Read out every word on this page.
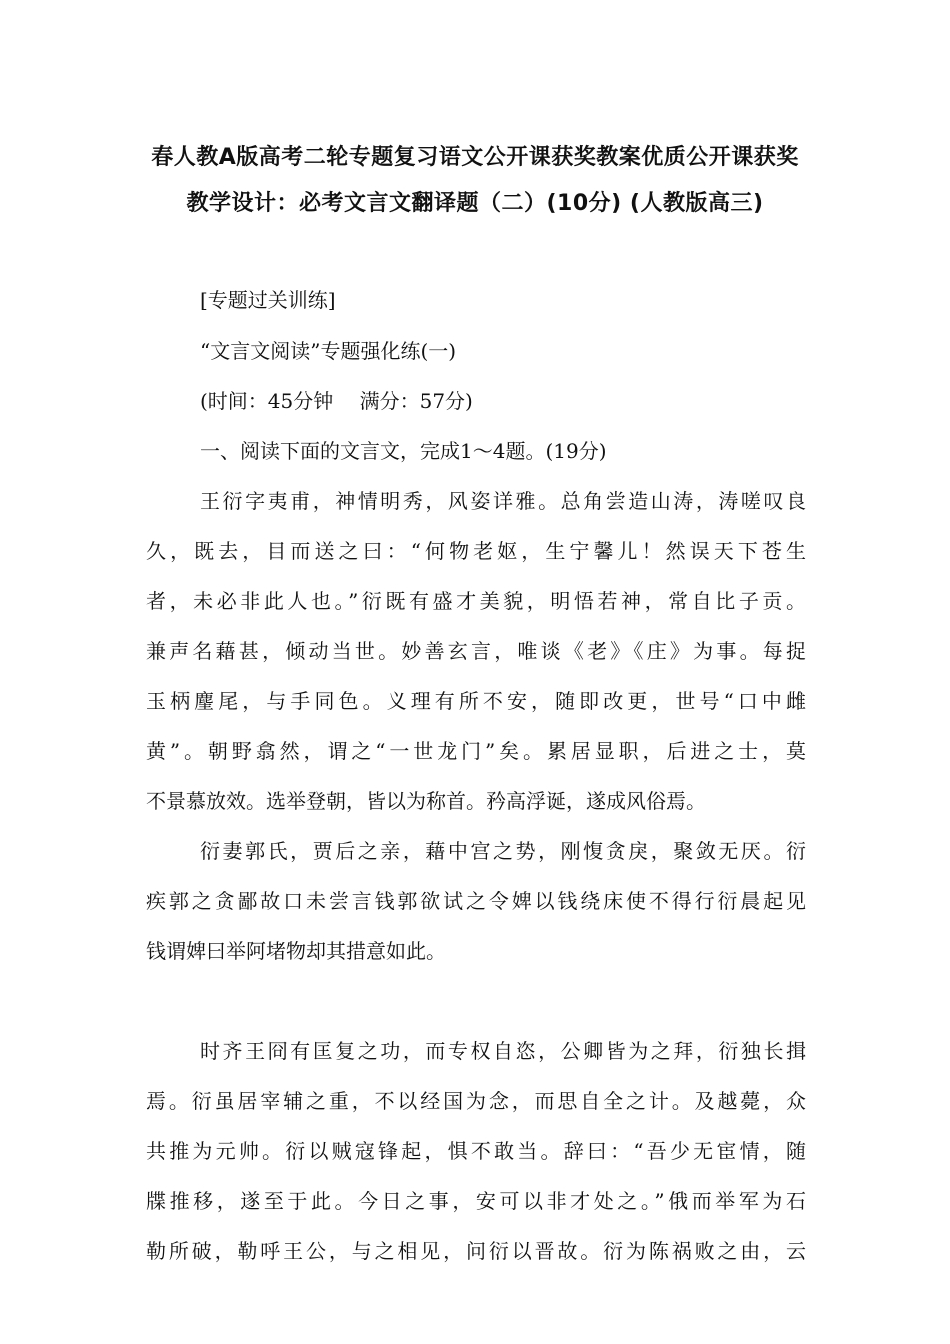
春人教A版高考二轮专题复习语文公开课获奖教案优质公开课获奖
教学设计：必考文言文翻译题（二）(10分) (人教版高三)
[专题过关训练]
“文言文阅读”专题强化练(一)
(时间：45分钟　 满分：57分)
一、阅读下面的文言文，完成1～4题。(19分)
王衍字夷甫，神情明秀，风姿详雅。总角尝造山涛，涛嗟叹良
久，既去，目而送之曰：“何物老妪，生宁馨儿！然误天下苍生
者，未必非此人也。”衍既有盛才美貌，明悟若神，常自比子贡。
兼声名藉甚，倾动当世。妙善玄言，唯谈《老》《庄》为事。每捉
玉柄麈尾，与手同色。义理有所不安，随即改更，世号“口中雌
黄”。朝野翕然，谓之“一世龙门”矣。累居显职，后进之士，莫
不景慕放效。选举登朝，皆以为称首。矜高浮诞，遂成风俗焉。
衍妻郭氏，贾后之亲，藉中宫之势，刚愎贪戾，聚敛无厌。衍
疾郭之贪鄙故口未尝言钱郭欲试之令婢以钱绕床使不得行衍晨起见
钱谓婢曰举阿堵物却其措意如此。
时齐王冏有匡复之功，而专权自恣，公卿皆为之拜，衍独长揖
焉。衍虽居宰辅之重，不以经国为念，而思自全之计。及越薨，众
共推为元帅。衍以贼寇锋起，惧不敢当。辞曰：“吾少无宦情，随
牒推移，遂至于此。今日之事，安可以非才处之。”俄而举军为石
勒所破，勒呼王公，与之相见，问衍以晋故。衍为陈祸败之由，云
